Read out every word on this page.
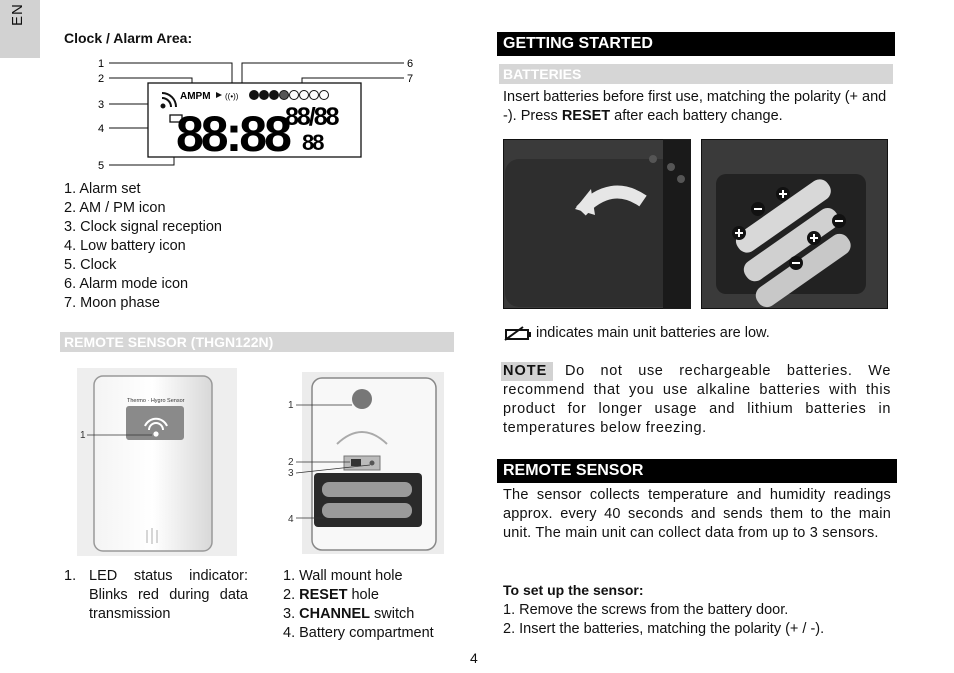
EN
Clock / Alarm Area:
1
2
3
4
5
6
7
AMPM ((•))
88:88
88/88
88
1. Alarm set
2. AM / PM icon
3. Clock signal reception
4. Low battery icon
5. Clock
6. Alarm mode icon
7. Moon phase
REMOTE SENSOR (THGN122N)
Thermo · Hygro Sensor
1
1
2
3
4
1. LED status indicator:
Blinks red during data
transmission
1. Wall mount hole
2. RESET hole
3. CHANNEL switch
4. Battery compartment
GETTING STARTED
BATTERIES
Insert batteries before first use, matching the polarity (+ and -). Press RESET after each battery change.
indicates main unit batteries are low.
NOTE Do not use rechargeable batteries. We recommend that you use alkaline batteries with this product for longer usage and lithium batteries in temperatures below freezing.
REMOTE SENSOR
The sensor collects temperature and humidity readings approx. every 40 seconds and sends them to the main unit. The main unit can collect data from up to 3 sensors.
To set up the sensor:
1. Remove the screws from the battery door.
2. Insert the batteries, matching the polarity (+ / -).
4
